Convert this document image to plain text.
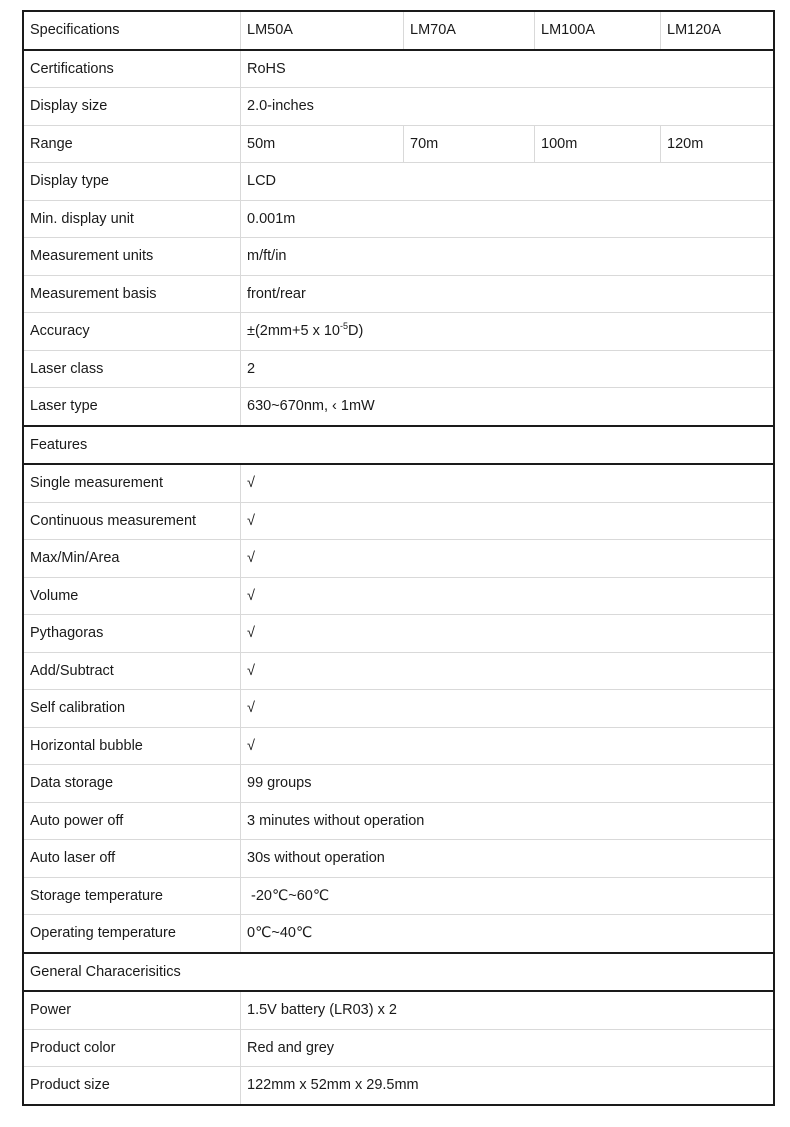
Specifications	LM50A	LM70A	LM100A	LM120A
Certifications	RoHS			
Display size	2.0-inches			
Range	50m	70m	100m	120m
Display type	LCD			
Min. display unit	0.001m			
Measurement units	m/ft/in			
Measurement basis	front/rear			
Accuracy	±(2mm+5 x $10^{-5}D$)			
Laser class	2			
Laser type	630~670nm, ‹ 1mW			
Features				
Single measurement	√			
Continuous measurement	√			
Max/Min/Area	√			
Volume	√			
Pythagoras	√			
Add/Subtract	√			
Self calibration	√			
Horizontal bubble	√			
Data storage	99 groups			
Auto power off	3 minutes without operation			
Auto laser off	30s without operation			
Storage temperature	-20℃~60℃			
Operating temperature	0℃~40℃			
General Characerisitics				
Power	1.5V battery (LR03) x 2			
Product color	Red and grey			
Product size	122mm x 52mm x 29.5mm			
